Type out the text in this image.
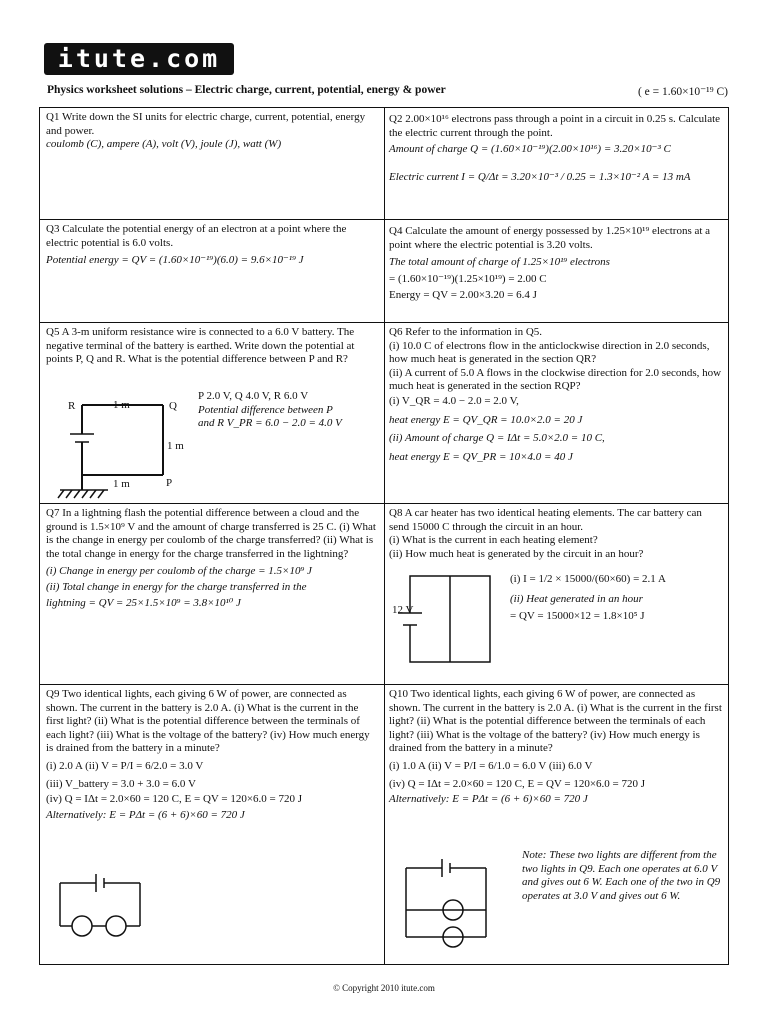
itute.com
Physics worksheet solutions – Electric charge, current, potential, energy & power	( e = 1.60×10⁻¹⁹ C)

Q1 Write down the SI units for electric charge, current, potential, energy and power.

coulomb (C), ampere (A), volt (V), joule (J), watt (W)

Q2 2.00×10¹⁶ electrons pass through a point in a circuit in 0.25 s. Calculate the electric current through the point.

Amount of charge Q = (1.60×10⁻¹⁹)(2.00×10¹⁶) = 3.20×10⁻³ C

Electric current I = Q/Δt = 3.20×10⁻³ / 0.25 = 1.3×10⁻² A = 13 mA

Q3 Calculate the potential energy of an electron at a point where the electric potential is 6.0 volts.

Potential energy = QV = (1.60×10⁻¹⁹)(6.0) = 9.6×10⁻¹⁹ J

Q4 Calculate the amount of energy possessed by 1.25×10¹⁹ electrons at a point where the electric potential is 3.20 volts.

The total amount of charge of 1.25×10¹⁹ electrons

= (1.60×10⁻¹⁹)(1.25×10¹⁹) = 2.00 C

Energy = QV = 2.00×3.20 = 6.4 J

Q5 A 3-m uniform resistance wire is connected to a 6.0 V battery. The negative terminal of the battery is earthed. Write down the potential at points P, Q and R. What is the potential difference between P and R?

P 2.0 V, Q 4.0 V, R 6.0 V

Potential difference between P

and R V_PR = 6.0 − 2.0 = 4.0 V

R	Q
P
1 m
1 m
1 m

Q6 Refer to the information in Q5.

(i) 10.0 C of electrons flow in the anticlockwise direction in 2.0 seconds, how much heat is generated in the section QR?

(ii) A current of 5.0 A flows in the clockwise direction for 2.0 seconds, how much heat is generated in the section RQP?

(i) V_QR = 4.0 − 2.0 = 2.0 V,

heat energy E = QV_QR = 10.0×2.0 = 20 J

(ii) Amount of charge Q = IΔt = 5.0×2.0 = 10 C,

heat energy E = QV_PR = 10×4.0 = 40 J

Q7 In a lightning flash the potential difference between a cloud and the ground is 1.5×10⁹ V and the amount of charge transferred is 25 C. (i) What is the change in energy per coulomb of the charge transferred? (ii) What is the total change in energy for the charge transferred in the lightning?

(i) Change in energy per coulomb of the charge = 1.5×10⁹ J

(ii) Total change in energy for the charge transferred in the

lightning = QV = 25×1.5×10⁹ = 3.8×10¹⁰ J

Q8 A car heater has two identical heating elements. The car battery can send 15000 C through the circuit in an hour.

(i) What is the current in each heating element?

(ii) How much heat is generated by the circuit in an hour?

(i) I = 1/2 × 15000/(60×60) = 2.1 A

(ii) Heat generated in an hour

= QV = 15000×12 = 1.8×10⁵ J

12 V

Q9 Two identical lights, each giving 6 W of power, are connected as shown. The current in the battery is 2.0 A. (i) What is the current in the first light? (ii) What is the potential difference between the terminals of each light? (iii) What is the voltage of the battery? (iv) How much energy is drained from the battery in a minute?

(i) 2.0 A (ii) V = P/I = 6/2.0 = 3.0 V

(iii) V_battery = 3.0 + 3.0 = 6.0 V

(iv) Q = IΔt = 2.0×60 = 120 C, E = QV = 120×6.0 = 720 J

Alternatively: E = PΔt = (6 + 6)×60 = 720 J

Q10 Two identical lights, each giving 6 W of power, are connected as shown. The current in the battery is 2.0 A. (i) What is the current in the first light? (ii) What is the potential difference between the terminals of each light? (iii) What is the voltage of the battery? (iv) How much energy is drained from the battery in a minute?

(i) 1.0 A (ii) V = P/I = 6/1.0 = 6.0 V (iii) 6.0 V

(iv) Q = IΔt = 2.0×60 = 120 C, E = QV = 120×6.0 = 720 J

Alternatively: E = PΔt = (6 + 6)×60 = 720 J

Note: These two lights are different from the two lights in Q9. Each one operates at 6.0 V and gives out 6 W. Each one of the two in Q9 operates at 3.0 V and gives out 6 W.
© Copyright 2010 itute.com
